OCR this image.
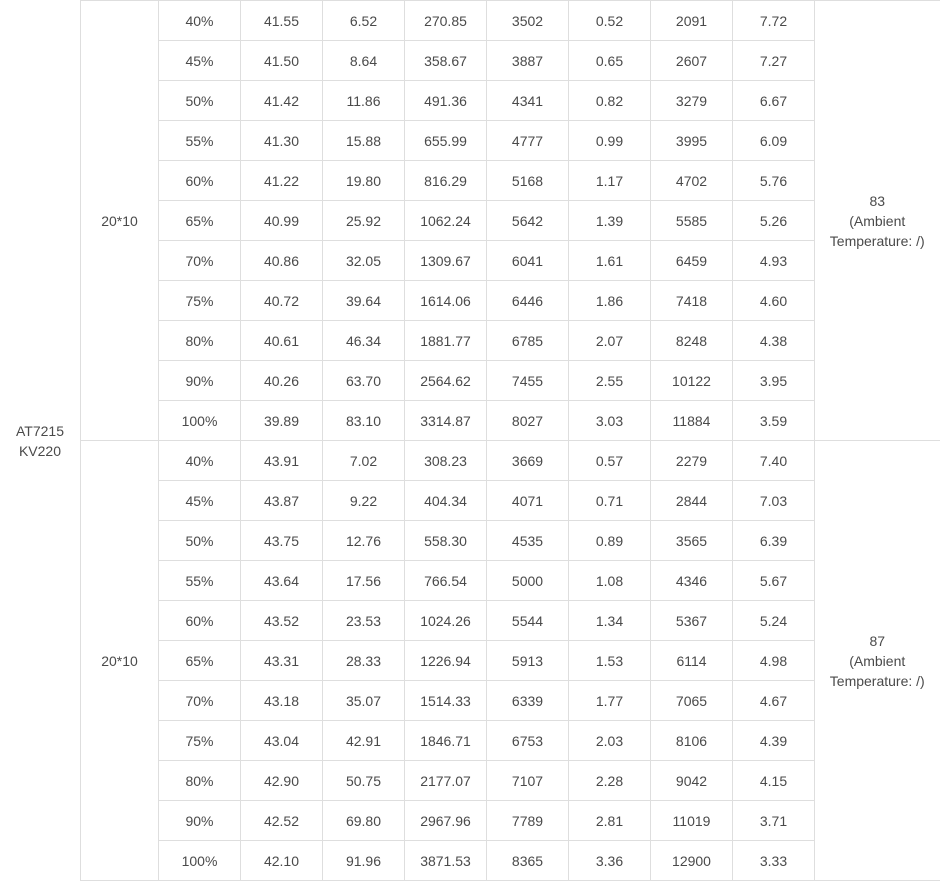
AT7215
KV220
20*10	40%	41.55	6.52	270.85	3502	0.52	2091	7.72	83
(Ambient
Temperature: /)

	45%	41.50	8.64	358.67	3887	0.65	2607	7.27	
	50%	41.42	11.86	491.36	4341	0.82	3279	6.67	
	55%	41.30	15.88	655.99	4777	0.99	3995	6.09	
	60%	41.22	19.80	816.29	5168	1.17	4702	5.76	
	65%	40.99	25.92	1062.24	5642	1.39	5585	5.26	
	70%	40.86	32.05	1309.67	6041	1.61	6459	4.93	
	75%	40.72	39.64	1614.06	6446	1.86	7418	4.60	
	80%	40.61	46.34	1881.77	6785	2.07	8248	4.38	
	90%	40.26	63.70	2564.62	7455	2.55	10122	3.95	
	100%	39.89	83.10	3314.87	8027	3.03	11884	3.59	
20*10	40%	43.91	7.02	308.23	3669	0.57	2279	7.40	87
(Ambient
Temperature: /)

	45%	43.87	9.22	404.34	4071	0.71	2844	7.03	
	50%	43.75	12.76	558.30	4535	0.89	3565	6.39	
	55%	43.64	17.56	766.54	5000	1.08	4346	5.67	
	60%	43.52	23.53	1024.26	5544	1.34	5367	5.24	
	65%	43.31	28.33	1226.94	5913	1.53	6114	4.98	
	70%	43.18	35.07	1514.33	6339	1.77	7065	4.67	
	75%	43.04	42.91	1846.71	6753	2.03	8106	4.39	
	80%	42.90	50.75	2177.07	7107	2.28	9042	4.15	
	90%	42.52	69.80	2967.96	7789	2.81	11019	3.71	
	100%	42.10	91.96	3871.53	8365	3.36	12900	3.33	
